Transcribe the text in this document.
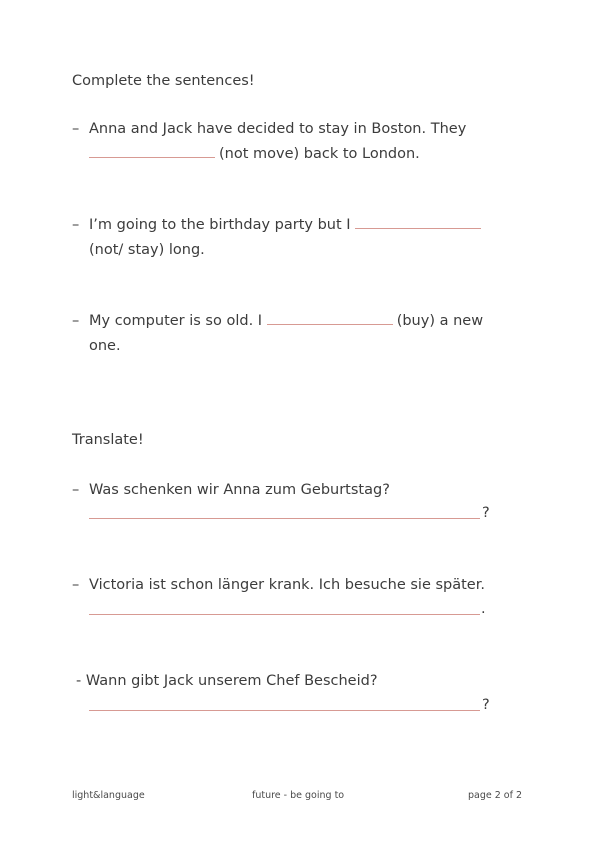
Complete the sentences!
– Anna and Jack have decided to stay in Boston. They
(not move) back to London.
– I’m going to the birthday party but I
(not/ stay) long.
– My computer is so old. I	(buy) a new
one.
Translate!
– Was schenken wir Anna zum Geburtstag?
?
– Victoria ist schon länger krank. Ich besuche sie später.
.
- Wann gibt Jack unserem Chef Bescheid?
?
light&language	future - be going to	page 2 of 2
